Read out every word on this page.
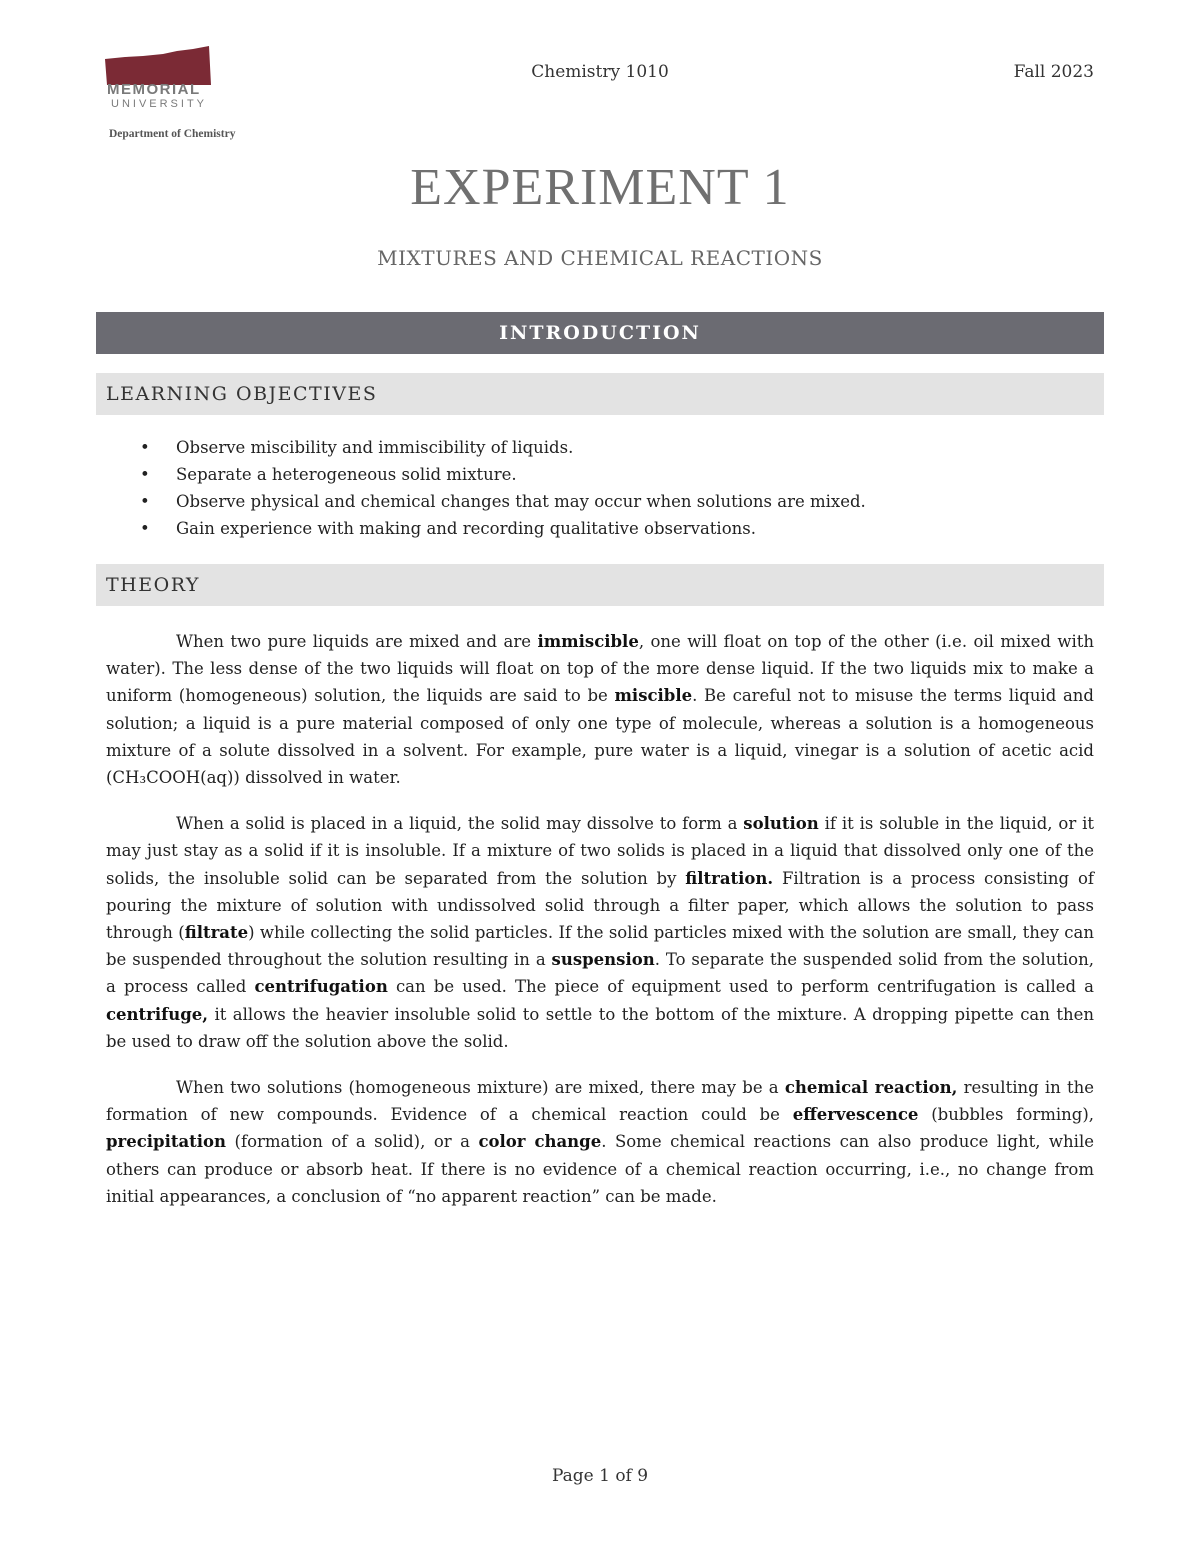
MEMORIAL
UNIVERSITY
Department of Chemistry
Chemistry 1010	Fall 2023
EXPERIMENT 1
MIXTURES AND CHEMICAL REACTIONS
INTRODUCTION
LEARNING OBJECTIVES
• Observe miscibility and immiscibility of liquids.
• Separate a heterogeneous solid mixture.
• Observe physical and chemical changes that may occur when solutions are mixed.
• Gain experience with making and recording qualitative observations.
THEORY

When two pure liquids are mixed and are immiscible, one will float on top of the other (i.e. oil mixed with water). The less dense of the two liquids will float on top of the more dense liquid. If the two liquids mix to make a uniform (homogeneous) solution, the liquids are said to be miscible. Be careful not to misuse the terms liquid and solution; a liquid is a pure material composed of only one type of molecule, whereas a solution is a homogeneous mixture of a solute dissolved in a solvent. For example, pure water is a liquid, vinegar is a solution of acetic acid (CH₃COOH(aq)) dissolved in water.

When a solid is placed in a liquid, the solid may dissolve to form a solution if it is soluble in the liquid, or it may just stay as a solid if it is insoluble. If a mixture of two solids is placed in a liquid that dissolved only one of the solids, the insoluble solid can be separated from the solution by filtration. Filtration is a process consisting of pouring the mixture of solution with undissolved solid through a filter paper, which allows the solution to pass through (filtrate) while collecting the solid particles. If the solid particles mixed with the solution are small, they can be suspended throughout the solution resulting in a suspension. To separate the suspended solid from the solution, a process called centrifugation can be used. The piece of equipment used to perform centrifugation is called a centrifuge, it allows the heavier insoluble solid to settle to the bottom of the mixture. A dropping pipette can then be used to draw off the solution above the solid.

When two solutions (homogeneous mixture) are mixed, there may be a chemical reaction, resulting in the formation of new compounds. Evidence of a chemical reaction could be effervescence (bubbles forming), precipitation (formation of a solid), or a color change. Some chemical reactions can also produce light, while others can produce or absorb heat. If there is no evidence of a chemical reaction occurring, i.e., no change from initial appearances, a conclusion of “no apparent reaction” can be made.

Page 1 of 9
